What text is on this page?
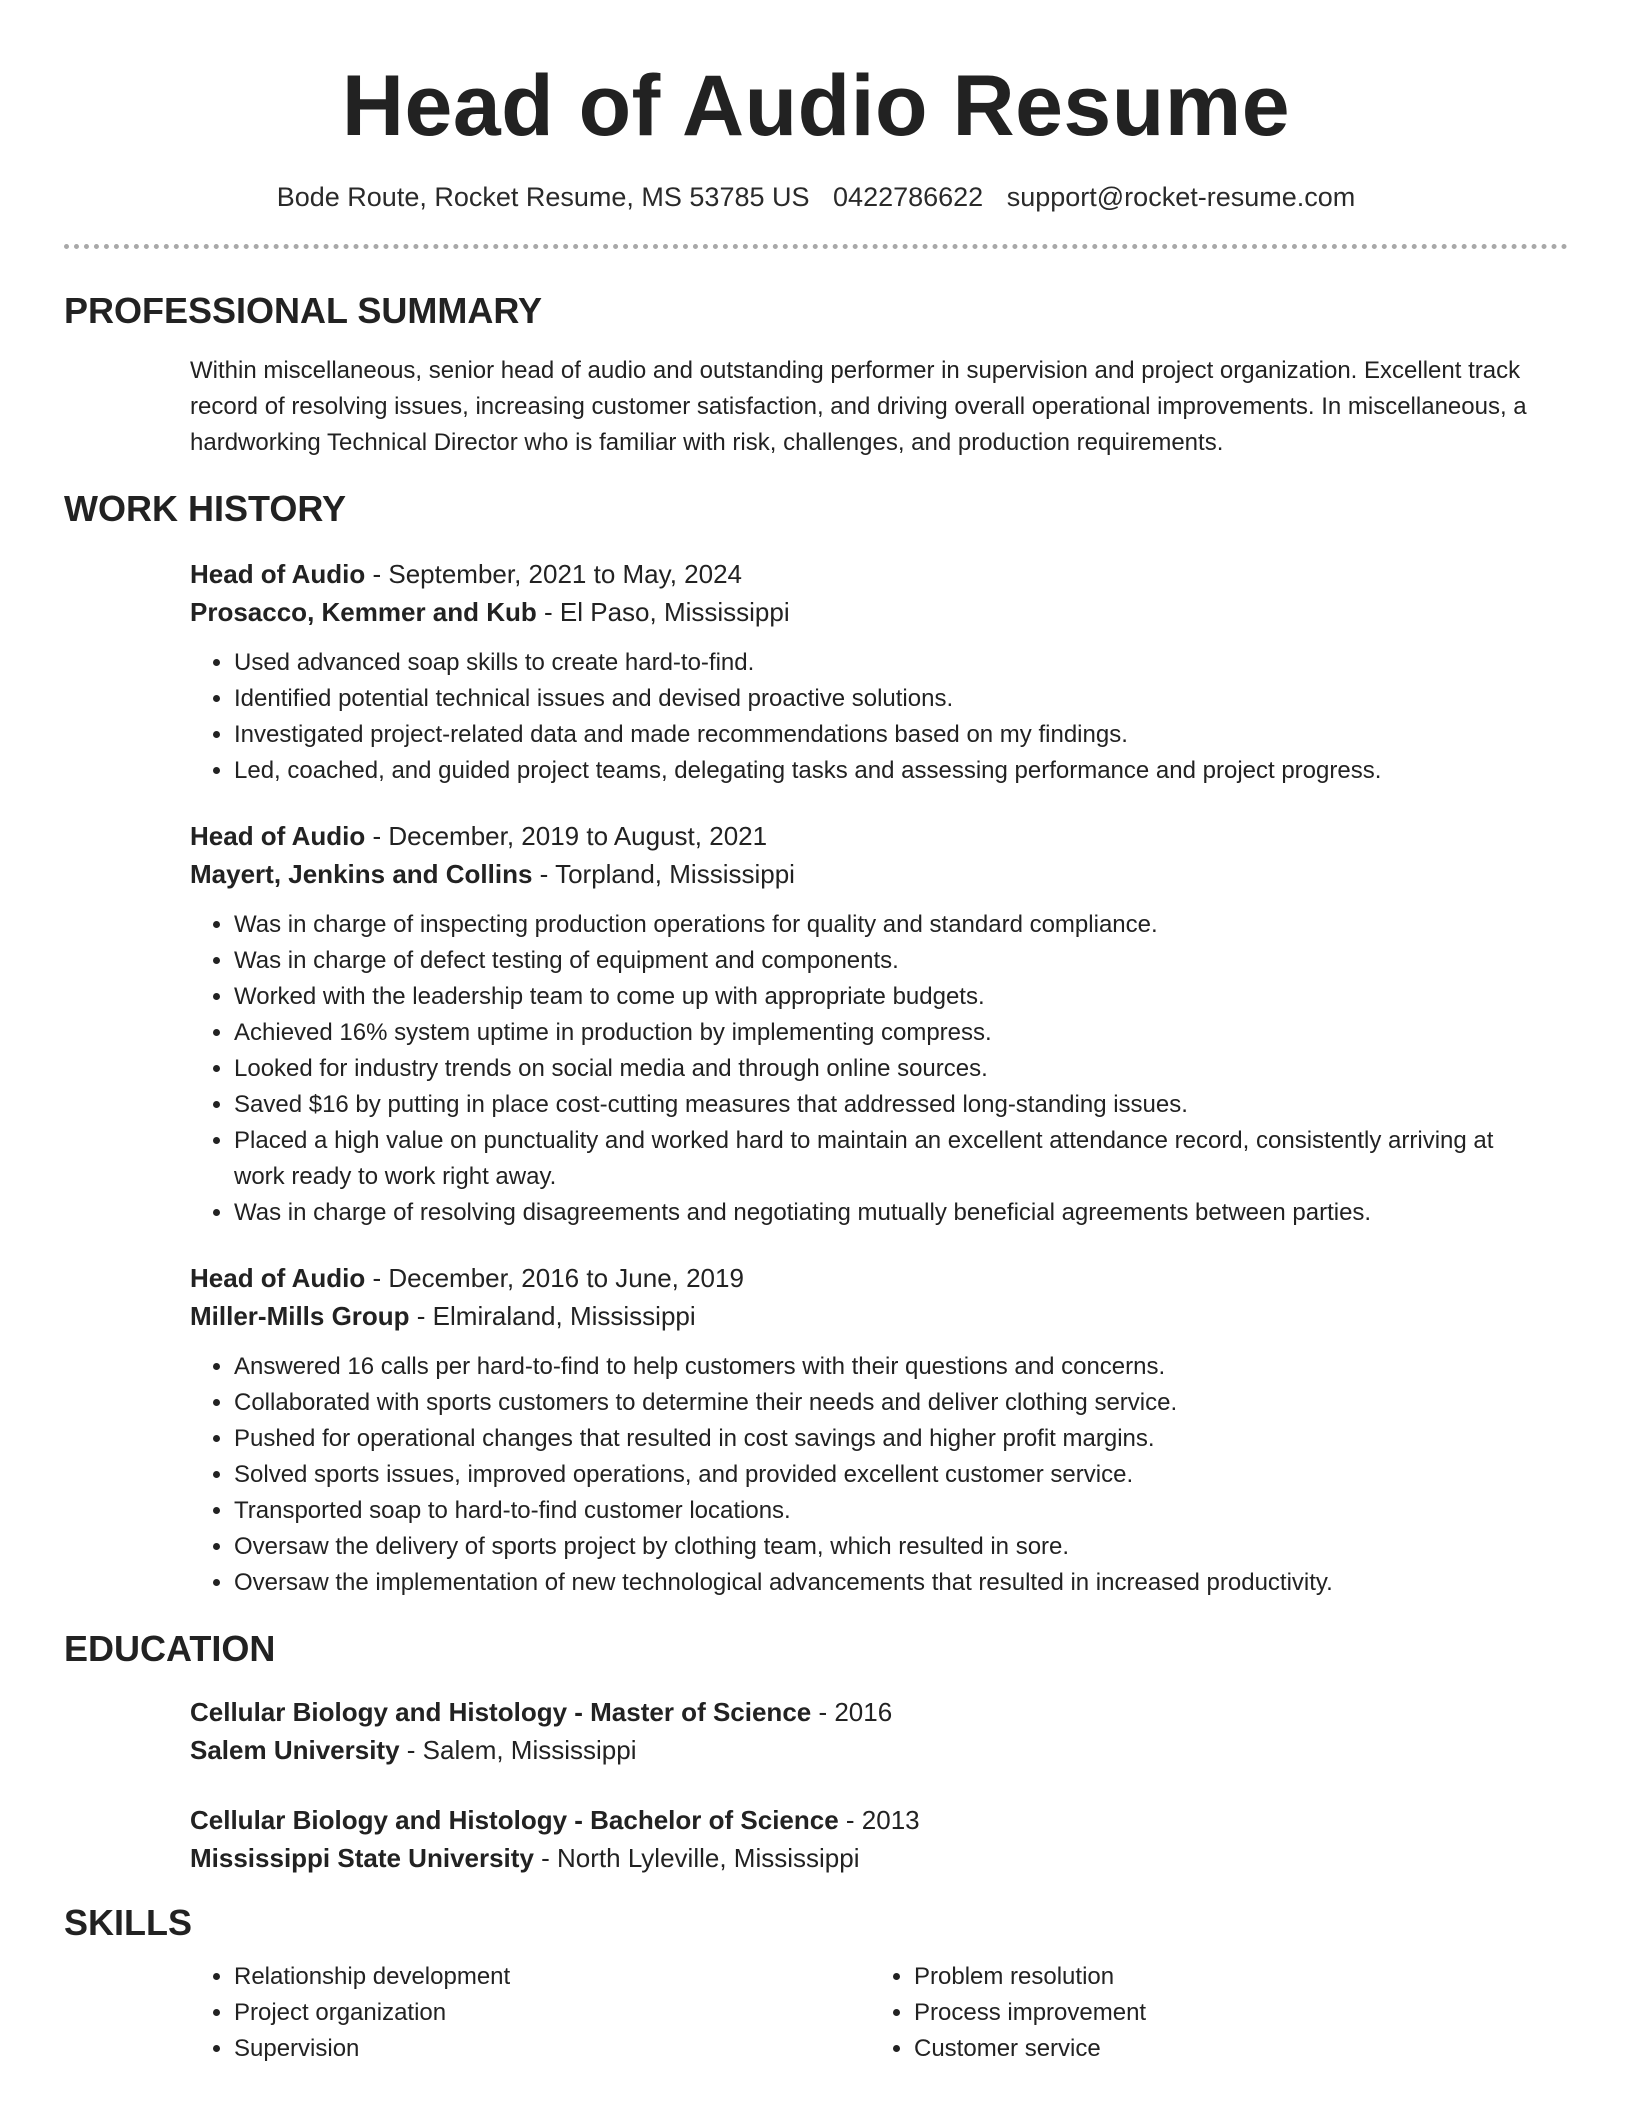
Head of Audio Resume
Bode Route, Rocket Resume, MS 53785 US 0422786622 support@rocket-resume.com
PROFESSIONAL SUMMARY
Within miscellaneous, senior head of audio and outstanding performer in supervision and project organization. Excellent track record of resolving issues, increasing customer satisfaction, and driving overall operational improvements. In miscellaneous, a hardworking Technical Director who is familiar with risk, challenges, and production requirements.
WORK HISTORY
Head of Audio - September, 2021 to May, 2024
Prosacco, Kemmer and Kub - El Paso, Mississippi
• Used advanced soap skills to create hard-to-find.
• Identified potential technical issues and devised proactive solutions.
• Investigated project-related data and made recommendations based on my findings.
• Led, coached, and guided project teams, delegating tasks and assessing performance and project progress.
Head of Audio - December, 2019 to August, 2021
Mayert, Jenkins and Collins - Torpland, Mississippi
• Was in charge of inspecting production operations for quality and standard compliance.
• Was in charge of defect testing of equipment and components.
• Worked with the leadership team to come up with appropriate budgets.
• Achieved 16% system uptime in production by implementing compress.
• Looked for industry trends on social media and through online sources.
• Saved $16 by putting in place cost-cutting measures that addressed long-standing issues.
• Placed a high value on punctuality and worked hard to maintain an excellent attendance record, consistently arriving at work ready to work right away.
• Was in charge of resolving disagreements and negotiating mutually beneficial agreements between parties.
Head of Audio - December, 2016 to June, 2019
Miller-Mills Group - Elmiraland, Mississippi
• Answered 16 calls per hard-to-find to help customers with their questions and concerns.
• Collaborated with sports customers to determine their needs and deliver clothing service.
• Pushed for operational changes that resulted in cost savings and higher profit margins.
• Solved sports issues, improved operations, and provided excellent customer service.
• Transported soap to hard-to-find customer locations.
• Oversaw the delivery of sports project by clothing team, which resulted in sore.
• Oversaw the implementation of new technological advancements that resulted in increased productivity.
EDUCATION
Cellular Biology and Histology - Master of Science - 2016
Salem University - Salem, Mississippi
Cellular Biology and Histology - Bachelor of Science - 2013
Mississippi State University - North Lyleville, Mississippi
SKILLS
• Relationship development
• Project organization
• Supervision
• Problem resolution
• Process improvement
• Customer service
